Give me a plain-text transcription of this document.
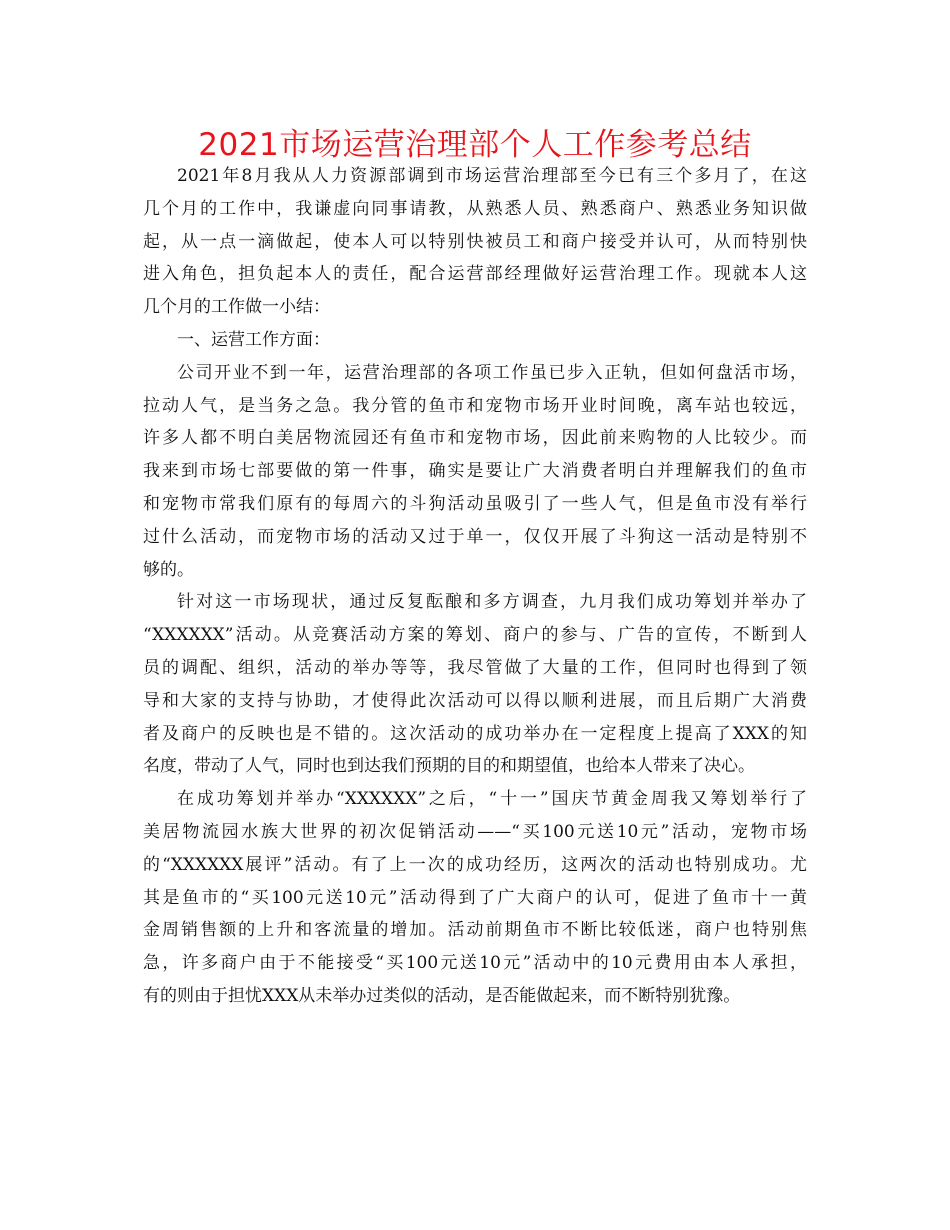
2021市场运营治理部个人工作参考总结
2021年8月我从人力资源部调到市场运营治理部至今已有三个多月了，在这
几个月的工作中，我谦虚向同事请教，从熟悉人员、熟悉商户、熟悉业务知识做
起，从一点一滴做起，使本人可以特别快被员工和商户接受并认可，从而特别快
进入角色，担负起本人的责任，配合运营部经理做好运营治理工作。现就本人这
几个月的工作做一小结：
一、运营工作方面：
公司开业不到一年，运营治理部的各项工作虽已步入正轨，但如何盘活市场，
拉动人气，是当务之急。我分管的鱼市和宠物市场开业时间晚，离车站也较远，
许多人都不明白美居物流园还有鱼市和宠物市场，因此前来购物的人比较少。而
我来到市场七部要做的第一件事，确实是要让广大消费者明白并理解我们的鱼市
和宠物市常我们原有的每周六的斗狗活动虽吸引了一些人气，但是鱼市没有举行
过什么活动，而宠物市场的活动又过于单一，仅仅开展了斗狗这一活动是特别不
够的。
针对这一市场现状，通过反复酝酿和多方调查，九月我们成功筹划并举办了
“XXXXXX”活动。从竞赛活动方案的筹划、商户的参与、广告的宣传，不断到人
员的调配、组织，活动的举办等等，我尽管做了大量的工作，但同时也得到了领
导和大家的支持与协助，才使得此次活动可以得以顺利进展，而且后期广大消费
者及商户的反映也是不错的。这次活动的成功举办在一定程度上提高了XXX的知
名度，带动了人气，同时也到达我们预期的目的和期望值，也给本人带来了决心。
在成功筹划并举办“XXXXXX”之后，“十一”国庆节黄金周我又筹划举行了
美居物流园水族大世界的初次促销活动——“买100元送10元”活动，宠物市场
的“XXXXXX展评”活动。有了上一次的成功经历，这两次的活动也特别成功。尤
其是鱼市的“买100元送10元”活动得到了广大商户的认可，促进了鱼市十一黄
金周销售额的上升和客流量的增加。活动前期鱼市不断比较低迷，商户也特别焦
急，许多商户由于不能接受“买100元送10元”活动中的10元费用由本人承担，
有的则由于担忧XXX从未举办过类似的活动，是否能做起来，而不断特别犹豫。
